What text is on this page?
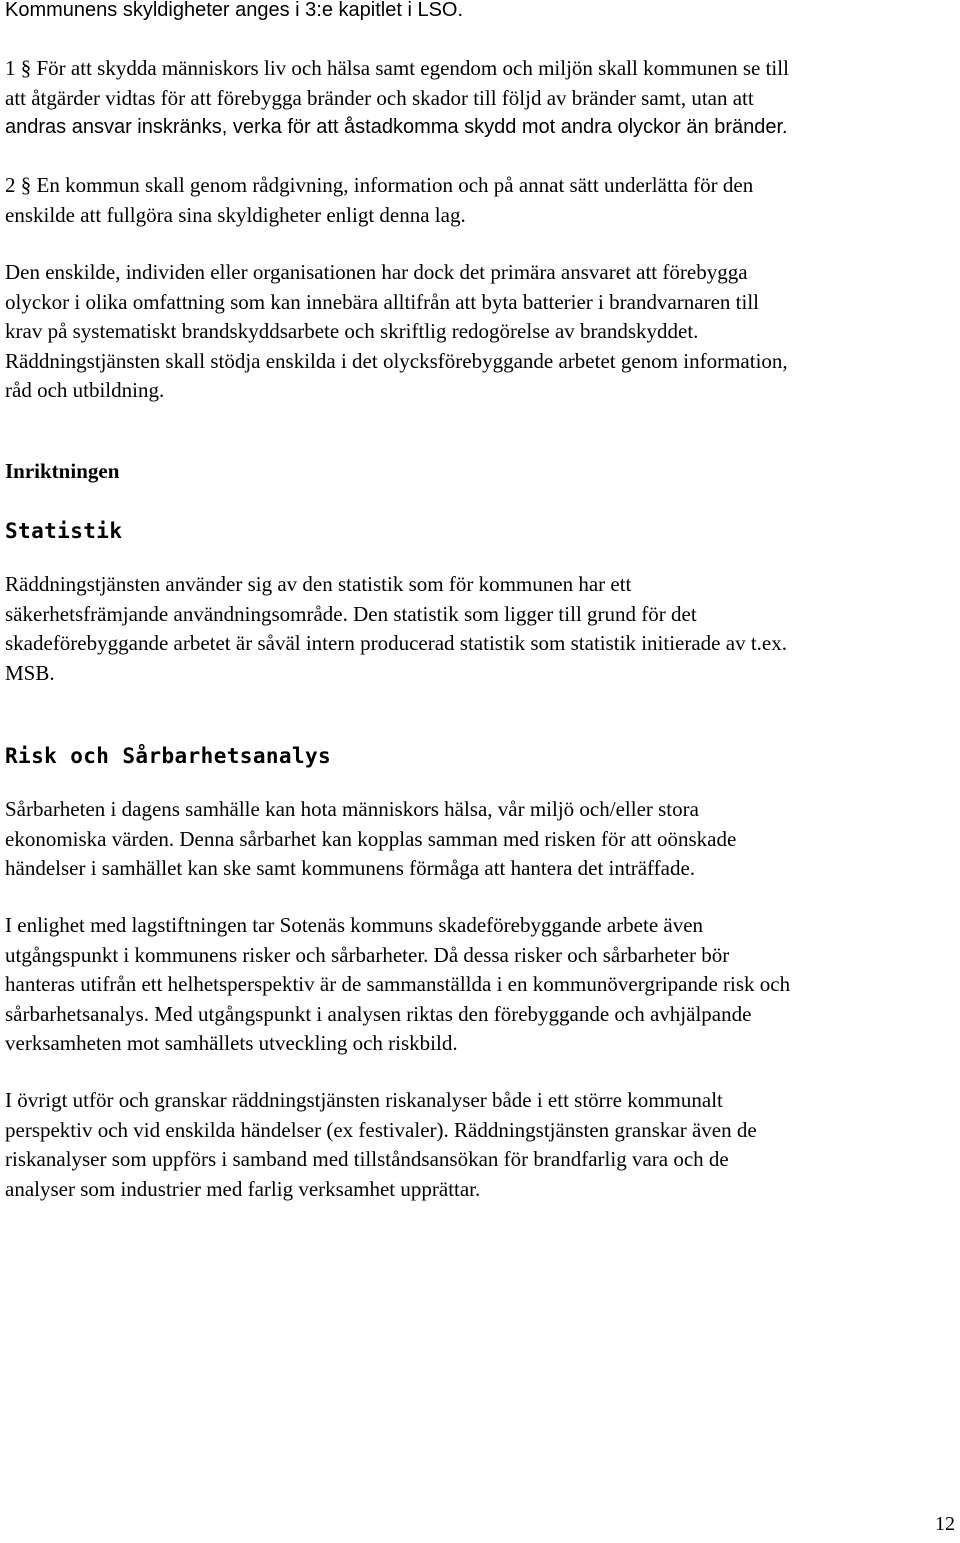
Kommunens skyldigheter anges i 3:e kapitlet i LSO.

1 § För att skydda människors liv och hälsa samt egendom och miljön skall kommunen se till
att åtgärder vidtas för att förebygga bränder och skador till följd av bränder samt, utan att

andras ansvar inskränks, verka för att åstadkomma skydd mot andra olyckor än bränder.

2 § En kommun skall genom rådgivning, information och på annat sätt underlätta för den
enskilde att fullgöra sina skyldigheter enligt denna lag.

Den enskilde, individen eller organisationen har dock det primära ansvaret att förebygga
olyckor i olika omfattning som kan innebära alltifrån att byta batterier i brandvarnaren till
krav på systematiskt brandskyddsarbete och skriftlig redogörelse av brandskyddet.
Räddningstjänsten skall stödja enskilda i det olycksförebyggande arbetet genom information,
råd och utbildning.

Inriktningen
Statistik

Räddningstjänsten använder sig av den statistik som för kommunen har ett
säkerhetsfrämjande användningsområde. Den statistik som ligger till grund för det
skadeförebyggande arbetet är såväl intern producerad statistik som statistik initierade av t.ex.
MSB.

Risk och Sårbarhetsanalys

Sårbarheten i dagens samhälle kan hota människors hälsa, vår miljö och/eller stora
ekonomiska värden. Denna sårbarhet kan kopplas samman med risken för att oönskade
händelser i samhället kan ske samt kommunens förmåga att hantera det inträffade.

I enlighet med lagstiftningen tar Sotenäs kommuns skadeförebyggande arbete även
utgångspunkt i kommunens risker och sårbarheter. Då dessa risker och sårbarheter bör
hanteras utifrån ett helhetsperspektiv är de sammanställda i en kommunövergripande risk och
sårbarhetsanalys. Med utgångspunkt i analysen riktas den förebyggande och avhjälpande
verksamheten mot samhällets utveckling och riskbild.

I övrigt utför och granskar räddningstjänsten riskanalyser både i ett större kommunalt
perspektiv och vid enskilda händelser (ex festivaler). Räddningstjänsten granskar även de
riskanalyser som uppförs i samband med tillståndsansökan för brandfarlig vara och de
analyser som industrier med farlig verksamhet upprättar.

12
